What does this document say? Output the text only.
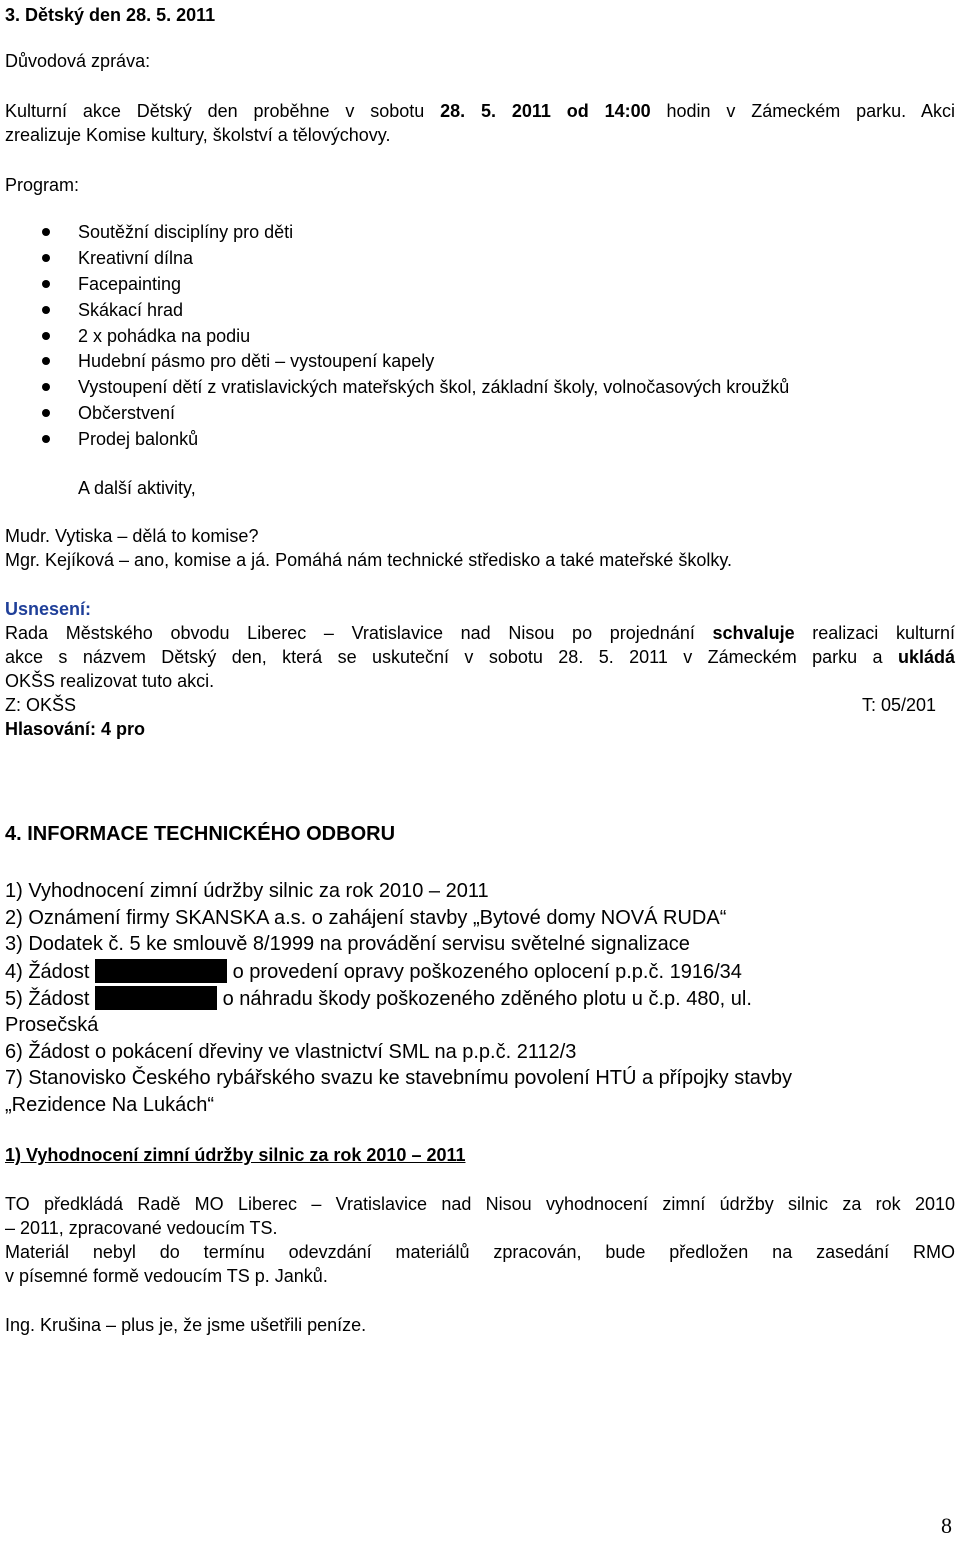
3. Dětský den 28. 5. 2011
Důvodová zpráva:
Kulturní akce Dětský den proběhne v sobotu 28. 5. 2011 od 14:00 hodin v Zámeckém parku. Akci
zrealizuje Komise kultury, školství a tělovýchovy.
Program:
Soutěžní disciplíny pro děti
Kreativní dílna
Facepainting
Skákací hrad
2 x pohádka na podiu
Hudební pásmo pro děti – vystoupení kapely
Vystoupení dětí z vratislavických mateřských škol, základní školy, volnočasových kroužků
Občerstvení
Prodej balonků
A další aktivity,
Mudr. Vytiska – dělá to komise?
Mgr. Kejíková – ano, komise a já. Pomáhá nám technické středisko a také mateřské školky.
Usnesení:
Rada Městského obvodu Liberec – Vratislavice nad Nisou po projednání schvaluje realizaci kulturní
akce s názvem Dětský den, která se uskuteční v sobotu 28. 5. 2011 v Zámeckém parku a ukládá
OKŠS realizovat tuto akci.
Z: OKŠS	T: 05/201
Hlasování: 4 pro
4. INFORMACE TECHNICKÉHO ODBORU
1) Vyhodnocení zimní údržby silnic za rok 2010 – 2011
2) Oznámení firmy SKANSKA a.s. o zahájení stavby „Bytové domy NOVÁ RUDA“
3) Dodatek č. 5 ke smlouvě 8/1999 na provádění servisu světelné signalizace
4) Žádost	o provedení opravy poškozeného oplocení p.p.č. 1916/34
5) Žádost	o náhradu škody poškozeného zděného plotu u č.p. 480, ul.
Prosečská
6) Žádost o pokácení dřeviny ve vlastnictví SML na p.p.č. 2112/3
7) Stanovisko Českého rybářského svazu ke stavebnímu povolení HTÚ a přípojky stavby
„Rezidence Na Lukách“
1) Vyhodnocení zimní údržby silnic za rok 2010 – 2011
TO předkládá Radě MO Liberec – Vratislavice nad Nisou vyhodnocení zimní údržby silnic za rok 2010
– 2011, zpracované vedoucím TS.
Materiál nebyl do termínu odevzdání materiálů zpracován, bude předložen na zasedání RMO
v písemné formě vedoucím TS p. Janků.
Ing. Krušina – plus je, že jsme ušetřili peníze.
8
